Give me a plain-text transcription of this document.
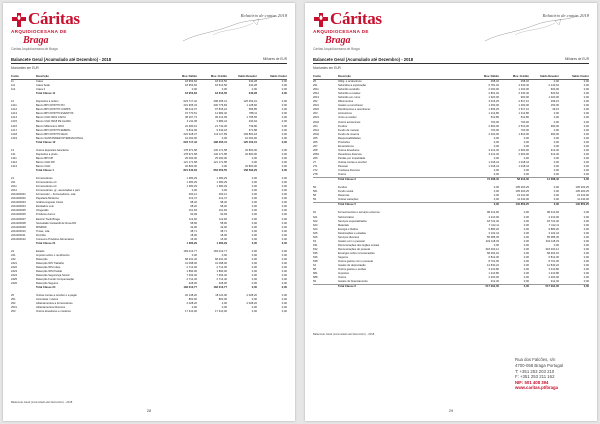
Cáritas
ARQUIDIOCESANA DE
Braga
Relatório de contas 2018
Cáritas Arquidiocesana de Braga
Balancete Geral (Acumulado até Dezembro) - 2018	Milhares de EUR
Montantes em EUR
Conta	Descrição	Mov. Débito	Mov. Crédito	Saldo Devedor	Saldo Credor
11	Caixa	18 953,84	18 613,56	340,28	0,00
111	Caixa Sede	18 953,84	18 613,56	340,28	0,00
112	Caixa 2	0,00	0,00	0,00	0,00
Total Classe 11	18 953,84	18 613,56	340,28	0,00
12	Depósitos à ordem	623 717,42	498 265,41	125 452,01	0,00
1211	Banco BPI 0079776 PN	201 905,43	200 776,83	1 128,60	0,00
1212	Banco BPI 0079776 COMPS	98 412,07	97 815,22	596,85	0,00
1213	Banco BPI 0079776 EVENTOS	15 770,51	14 982,40	788,11	0,00
1214	Banco CGD 0001 CAIXA	38 207,74	36 412,09	1 795,65	0,00
1215	Banco CGD 0018 PE ALARA	4 211,38	3 980,44	230,94	0,00
1216	Banco Millennium 0001	22 480,16	21 740,36	739,80	0,00
1217	Banco BPI 0079776 EMERG	9 812,06	9 440,18	371,88	0,00
1218	Banco BPI 0079776 FEAC	222 918,07	113 117,89	109 800,18	0,00
1219	Banco SANTANDER INTERNACIONAL	10 000,00	0,00	10 000,00	0,00
Total Classe 12	623 717,42	498 265,41	125 452,01	0,00
13	Outros depósitos bancários	178 971,58	146 171,58	32 800,00	0,00
131	Depósitos a prazo	178 971,58	146 171,58	32 800,00	0,00
1311	Banco BPI DP	25 000,00	25 000,00	0,00	0,00
1312	Banco CGD DP	121 171,58	121 171,58	0,00	0,00
1313	Banco CGD	32 800,00	0,00	32 800,00	0,00
Total Classe 1	821 642,84	663 050,55	158 592,29	0,00
21	Fornecedores	1 380,29	1 380,29	0,00	0,00
221	Fornecedores c/c	1 380,29	1 380,29	0,00	0,00
2211	Fornecedores c/c	1 380,29	1 380,29	0,00	0,00
2212	Fornecedores, gr., associadas e part.	0,00	0,00	0,00	0,00
2211000001	Fornecedor – Fornecedores, Lda.	460,12	460,12	0,00	0,00
2211000002	Papelaria Moderna	212,47	212,47	0,00	0,00
2211000003	Gráfica Augusto Costa	98,40	98,40	0,00	0,00
2211000004	Estofados Luís	68,20	68,20	0,00	0,00
2211000005	Infogestão	161,84	161,84	0,00	0,00
2211000006	Produtos Aurum	92,99	92,99	0,00	0,00
2211000007	Electric Tools Braga	112,66	112,66	0,00	0,00
2211000008	Sociedade Cantarelli de Nova DN	58,90	58,90	0,00	0,00
2211000009	MINIPAK	42,00	42,00	0,00	0,00
2211000010	Tintas, Lda.	38,71	38,71	0,00	0,00
2211000011	Florcitta	18,00	18,00	0,00	0,00
2211000012	Consumo Produtos Alimentares	16,00	16,00	0,00	0,00
Total Classe 21	1 380,29	1 380,29	0,00	0,00
24	Estado	183 013,77	183 013,77	0,00	0,00
241	Imposto sobre o rendimento	0,00	0,00	0,00	0,00
242	Retenção	68 231,40	68 231,40	0,00	0,00
2421	Retenção IRS Trabalho	41 098,00	41 098,00	0,00	0,00
2422	Retenção IRS Indep.	2 714,00	2 714,00	0,00	0,00
2423	Retenção IRS Predial	1 890,00	1 890,00	0,00	0,00
2424	Retenção Segurança Social	7 493,40	7 493,40	0,00	0,00
2425	Retenção Fundo Compensação	2 714,40	2 714,40	0,00	0,00
2426	Retenção Seguros	328,00	328,00	0,00	0,00
Total Classe 24	183 013,77	183 013,77	0,00	0,00
25	Outras contas a receber e a pagar	20 138,20	18 110,00	2 028,20	0,00
251	Acionistas / sócios	800,00	800,00	0,00	0,00
252	Adiantamentos a fornecedores	2 028,20	0,00	2 028,20	0,00
2521	Adiantamentos Diversos	0,00	0,00	0,00	0,00
253	Outros devedores e credores	17 310,00	17 310,00	0,00	0,00
Balancete Geral (Acumulado até Dezembro) - 2018
28
Cáritas
ARQUIDIOCESANA DE
Braga
Relatório de contas 2018
Cáritas Arquidiocesana de Braga
Balancete Geral (Acumulado até Dezembro) - 2018	Milhares de EUR
Montantes em EUR
Conta	Descrição	Mov. Débito	Mov. Crédito	Saldo Devedor	Saldo Credor
26	Oblig. e acréscimos	458,32	458,32	0,00	0,00
261	Subsídios à exploração	6 781,02	4 640,40	2 140,62	0,00
2611	Subsídio recebido	2 000,00	1 400,00	600,00	0,00
2612	Subsídio a receber	2 861,02	2 340,40	520,62	0,00
2613	Subsídio em curso	1 920,00	900,00	1 020,00	0,00
262	Diferimentos	3 016,25	2 817,10	199,15	0,00
2621	Gastos a reconhecer	1 450,00	1 300,00	150,00	0,00
2622	Rendimentos a reconhecer	1 566,25	1 517,10	49,15	0,00
263	Acréscimos	1 212,80	1 212,80	0,00	0,00
2631	Juros a receber	512,80	512,80	0,00	0,00
2632	Outros acréscimos	700,00	700,00	0,00	0,00
264	Fundos	2 900,00	2 510,00	390,00	0,00
2641	Fundo de maneio	700,00	700,00	0,00	0,00
2642	Fundo de reserva	2 200,00	1 810,00	390,00	0,00
265	Responsabilidades	0,00	0,00	0,00	0,00
266	Provisões	0,00	0,00	0,00	0,00
267	Empréstimos	0,00	0,00	0,00	0,00
268	Outros devedores	3 212,40	2 900,00	312,40	0,00
2681	Devedores diversos	3 212,40	2 900,00	312,40	0,00
269	Perdas por imparidade	0,00	0,00	0,00	0,00
27	Outras contas a receber	1 018,44	1 018,44	0,00	0,00
271	Pessoal	1 018,44	1 018,44	0,00	0,00
272	Credores diversos	0,00	0,00	0,00	0,00
278	Outros	0,00	0,00	0,00	0,00
Total Classe 2	73 298,40	58 910,00	14 388,40	0,00
56	Fundos	0,00	105 200,25	0,00	105 200,25
561	Fundo social	0,00	105 200,25	0,00	105 200,25
58	Reservas	0,00	24 210,00	0,00	24 210,00
59	Outras variações	0,00	11 440,00	0,00	11 440,00
Total Classe 5	0,00	140 850,25	0,00	140 850,25
62	Fornecimentos e serviços externos	98 412,60	0,00	98 412,60	0,00
621	Subcontratos	4 210,00	0,00	4 210,00	0,00
622	Serviços especializados	18 722,40	0,00	18 722,40	0,00
623	Materiais	7 412,11	0,00	7 412,11	0,00
624	Energia e fluidos	9 880,20	0,00	9 880,20	0,00
625	Deslocações e estadas	3 102,44	0,00	3 102,44	0,00
626	Serviços diversos	55 085,45	0,00	55 085,45	0,00
63	Gastos com o pessoal	402 118,33	0,00	402 118,33	0,00
631	Remunerações dos órgãos sociais	0,00	0,00	0,00	0,00
632	Remunerações do pessoal	318 400,12	0,00	318 400,12	0,00
635	Encargos sobre remunerações	68 204,91	0,00	68 204,91	0,00
636	Seguros	6 812,30	0,00	6 812,30	0,00
638	Outros gastos com o pessoal	8 701,00	0,00	8 701,00	0,00
64	Gastos de depreciação	12 840,22	0,00	12 840,22	0,00
68	Outros gastos e perdas	3 410,80	0,00	3 410,80	0,00
681	Impostos	1 210,80	0,00	1 210,80	0,00
688	Outros	2 200,00	0,00	2 200,00	0,00
69	Gastos de financiamento	312,40	0,00	312,40	0,00
Total Classe 6	517 094,35	0,00	517 094,35	0,00
Balancete Geral (Acumulado até Dezembro) - 2018
Rua dos Falcões, s/n
4700-058 Braga Portugal
T: +351 253 203 210
F: +351 253 211 162
NIF: 501 408 394
www.caritas.pt/braga
29
